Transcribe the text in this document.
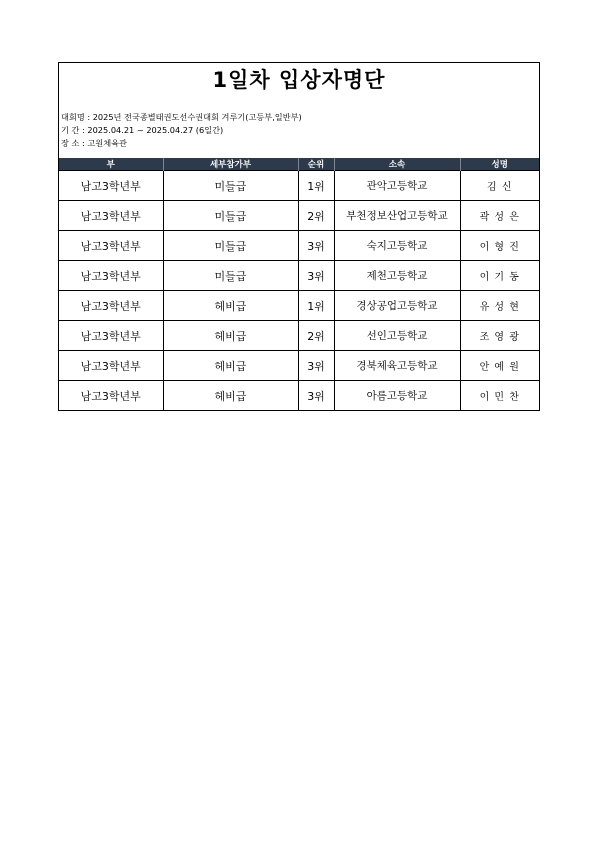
1일차 입상자명단
대회명 : 2025년 전국종별태권도선수권대회 겨루기(고등부,일반부)
기 간 : 2025.04.21 ~ 2025.04.27 (6일간)
장 소 : 고원체육관
부	세부참가부	순위	소속	성명
남고3학년부	미들급	1위	관악고등학교	김 신
남고3학년부	미들급	2위	부천정보산업고등학교	곽 성 은
남고3학년부	미들급	3위	숙지고등학교	이 형 진
남고3학년부	미들급	3위	제천고등학교	이 기 동
남고3학년부	헤비급	1위	경상공업고등학교	유 성 현
남고3학년부	헤비급	2위	선인고등학교	조 영 광
남고3학년부	헤비급	3위	경북체육고등학교	안 예 원
남고3학년부	헤비급	3위	아름고등학교	이 민 찬
